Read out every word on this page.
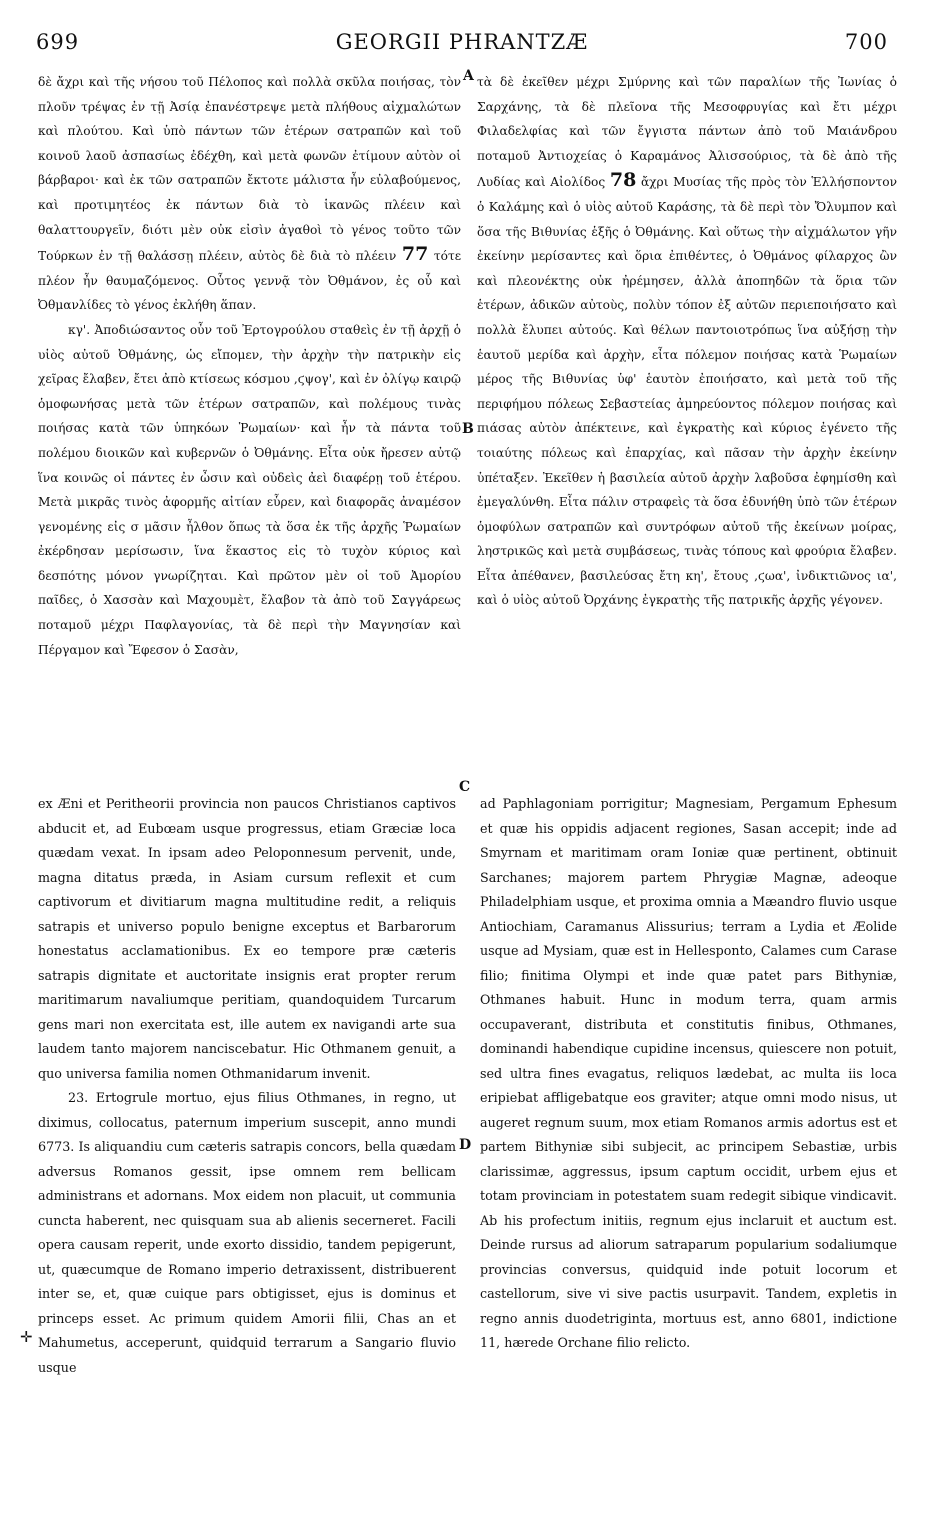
699	GEORGII PHRANTZÆ	700

δὲ ἄχρι καὶ τῆς νήσου τοῦ Πέλοπος καὶ πολλὰ σκῦλα ποιήσας, τὸν πλοῦν τρέψας ἐν τῇ Ἀσίᾳ ἐπανέστρεψε μετὰ πλήθους αἰχμαλώτων καὶ πλούτου. Καὶ ὑπὸ πάντων τῶν ἑτέρων σατραπῶν καὶ τοῦ κοινοῦ λαοῦ ἀσπασίως ἐδέχθη, καὶ μετὰ φωνῶν ἐτίμουν αὐτὸν οἱ βάρβαροι· καὶ ἐκ τῶν σατραπῶν ἔκτοτε μάλιστα ἦν εὐλαβούμενος, καὶ προτιμητέος ἐκ πάντων διὰ τὸ ἱκανῶς πλέειν καὶ θαλαττουργεῖν, διότι μὲν οὐκ εἰσὶν ἀγαθοὶ τὸ γένος τοῦτο τῶν Τούρκων ἐν τῇ θαλάσσῃ πλέειν, αὐτὸς δὲ διὰ τὸ πλέειν 77 τότε πλέον ἦν θαυμαζόμενος. Οὗτος γεννᾷ τὸν Ὀθμάνον, ἐς οὗ καὶ Ὀθμανλίδες τὸ γένος ἐκλήθη ἅπαν.

κγ'. Ἀποδιώσαντος οὖν τοῦ Ἐρτογρούλου σταθεὶς ἐν τῇ ἀρχῇ ὁ υἱὸς αὐτοῦ Ὀθμάνης, ὡς εἴπομεν, τὴν ἀρχὴν τὴν πατρικὴν εἰς χεῖρας ἔλαβεν, ἔτει ἀπὸ κτίσεως κόσμου ,ϛψογ', καὶ ἐν ὀλίγῳ καιρῷ ὁμοφωνήσας μετὰ τῶν ἑτέρων σατραπῶν, καὶ πολέμους τινὰς ποιήσας κατὰ τῶν ὑπηκόων Ῥωμαίων· καὶ ἦν τὰ πάντα τοῦ πολέμου διοικῶν καὶ κυβερνῶν ὁ Ὀθμάνης. Εἶτα οὐκ ἤρεσεν αὐτῷ ἵνα κοινῶς οἱ πάντες ἐν ὦσιν καὶ οὐδεὶς ἀεὶ διαφέρῃ τοῦ ἑτέρου. Μετὰ μικρᾶς τινὸς ἀφορμῆς αἰτίαν εὗρεν, καὶ διαφορᾶς ἀναμέσον γενομένης εἰς σ μᾶσιν ἦλθον ὅπως τὰ ὅσα ἐκ τῆς ἀρχῆς Ῥωμαίων ἐκέρδησαν μερίσωσιν, ἵνα ἕκαστος εἰς τὸ τυχὸν κύριος καὶ δεσπότης μόνον γνωρίζηται. Καὶ πρῶτον μὲν οἱ τοῦ Ἀμορίου παῖδες, ὁ Χασσὰν καὶ Μαχουμὲτ, ἔλαβον τὰ ἀπὸ τοῦ Σαγγάρεως ποταμοῦ μέχρι Παφλαγονίας, τὰ δὲ περὶ τὴν Μαγνησίαν καὶ Πέργαμον καὶ Ἔφεσον ὁ Σασὰν,

τὰ δὲ ἐκεῖθεν μέχρι Σμύρνης καὶ τῶν παραλίων τῆς Ἰωνίας ὁ Σαρχάνης, τὰ δὲ πλεῖονα τῆς Μεσοφρυγίας καὶ ἔτι μέχρι Φιλαδελφίας καὶ τῶν ἔγγιστα πάντων ἀπὸ τοῦ Μαιάνδρου ποταμοῦ Ἀντιοχείας ὁ Καραμάνος Ἀλισσούριος, τὰ δὲ ἀπὸ τῆς Λυδίας καὶ Αἰολίδος 78 ἄχρι Μυσίας τῆς πρὸς τὸν Ἑλλήσποντον ὁ Καλάμης καὶ ὁ υἱὸς αὐτοῦ Καράσης, τὰ δὲ περὶ τὸν Ὄλυμπον καὶ ὅσα τῆς Βιθυνίας ἑξῆς ὁ Ὀθμάνης. Καὶ οὕτως τὴν αἰχμάλωτον γῆν ἐκείνην μερίσαντες καὶ ὅρια ἐπιθέντες, ὁ Ὀθμάνος φίλαρχος ὢν καὶ πλεονέκτης οὐκ ἠρέμησεν, ἀλλὰ ἀποπηδῶν τὰ ὅρια τῶν ἑτέρων, ἀδικῶν αὐτοὺς, πολὺν τόπον ἐξ αὐτῶν περιεποιήσατο καὶ πολλὰ ἔλυπει αὐτούς. Καὶ θέλων παντοιοτρόπως ἵνα αὐξήσῃ τὴν ἑαυτοῦ μερίδα καὶ ἀρχὴν, εἶτα πόλεμον ποιήσας κατὰ Ῥωμαίων μέρος τῆς Βιθυνίας ὑφ' ἑαυτὸν ἐποιήσατο, καὶ μετὰ τοῦ τῆς περιφήμου πόλεως Σεβαστείας ἀμηρεύοντος πόλεμον ποιήσας καὶ πιάσας αὐτὸν ἀπέκτεινε, καὶ ἐγκρατὴς καὶ κύριος ἐγένετο τῆς τοιαύτης πόλεως καὶ ἐπαρχίας, καὶ πᾶσαν τὴν ἀρχὴν ἐκείνην ὑπέταξεν. Ἐκεῖθεν ἡ βασιλεία αὐτοῦ ἀρχὴν λαβοῦσα ἐφημίσθη καὶ ἐμεγαλύνθη. Εἶτα πάλιν στραφεὶς τὰ ὅσα ἐδυνήθη ὑπὸ τῶν ἑτέρων ὁμοφύλων σατραπῶν καὶ συντρόφων αὐτοῦ τῆς ἐκείνων μοίρας, ληστρικῶς καὶ μετὰ συμβάσεως, τινὰς τόπους καὶ φρούρια ἔλαβεν. Εἶτα ἀπέθανεν, βασιλεύσας ἔτη κη', ἔτους ,ϛωα', ἰνδικτιῶνος ια', καὶ ὁ υἱὸς αὐτοῦ Ὀρχάνης ἐγκρατὴς τῆς πατρικῆς ἀρχῆς γέγονεν.

ex Æni et Peritheorii provincia non paucos Christianos captivos abducit et, ad Eubœam usque progressus, etiam Græciæ loca quædam vexat. In ipsam adeo Peloponnesum pervenit, unde, magna ditatus præda, in Asiam cursum reflexit et cum captivorum et divitiarum magna multitudine redit, a reliquis satrapis et universo populo benigne exceptus et Barbarorum honestatus acclamationibus. Ex eo tempore præ cæteris satrapis dignitate et auctoritate insignis erat propter rerum maritimarum navaliumque peritiam, quandoquidem Turcarum gens mari non exercitata est, ille autem ex navigandi arte sua laudem tanto majorem nanciscebatur. Hic Othmanem genuit, a quo universa familia nomen Othmanidarum invenit.

23. Ertogrule mortuo, ejus filius Othmanes, in regno, ut diximus, collocatus, paternum imperium suscepit, anno mundi 6773. Is aliquandiu cum cæteris satrapis concors, bella quædam adversus Romanos gessit, ipse omnem rem bellicam administrans et adornans. Mox eidem non placuit, ut communia cuncta haberent, nec quisquam sua ab alienis secerneret. Facili opera causam reperit, unde exorto dissidio, tandem pepigerunt, ut, quæcumque de Romano imperio detraxissent, distribuerent inter se, et, quæ cuique pars obtigisset, ejus is dominus et princeps esset. Ac primum quidem Amorii filii, Chas an et Mahumetus, acceperunt, quidquid terrarum a Sangario fluvio usque

ad Paphlagoniam porrigitur; Magnesiam, Pergamum Ephesum et quæ his oppidis adjacent regiones, Sasan accepit; inde ad Smyrnam et maritimam oram Ioniæ quæ pertinent, obtinuit Sarchanes; majorem partem Phrygiæ Magnæ, adeoque Philadelphiam usque, et proxima omnia a Mæandro fluvio usque Antiochiam, Caramanus Alissurius; terram a Lydia et Æolide usque ad Mysiam, quæ est in Hellesponto, Calames cum Carase filio; finitima Olympi et inde quæ patet pars Bithyniæ, Othmanes habuit. Hunc in modum terra, quam armis occupaverant, distributa et constitutis finibus, Othmanes, dominandi habendique cupidine incensus, quiescere non potuit, sed ultra fines evagatus, reliquos lædebat, ac multa iis loca eripiebat affligebatque eos graviter; atque omni modo nisus, ut augeret regnum suum, mox etiam Romanos armis adortus est et partem Bithyniæ sibi subjecit, ac principem Sebastiæ, urbis clarissimæ, aggressus, ipsum captum occidit, urbem ejus et totam provinciam in potestatem suam redegit sibique vindicavit. Ab his profectum initiis, regnum ejus inclaruit et auctum est. Deinde rursus ad aliorum satraparum popularium sodaliumque provincias conversus, quidquid inde potuit locorum et castellorum, sive vi sive pactis usurpavit. Tandem, expletis in regno annis duodetriginta, mortuus est, anno 6801, indictione 11, hærede Orchane filio relicto.

A
B
C
D
✛
